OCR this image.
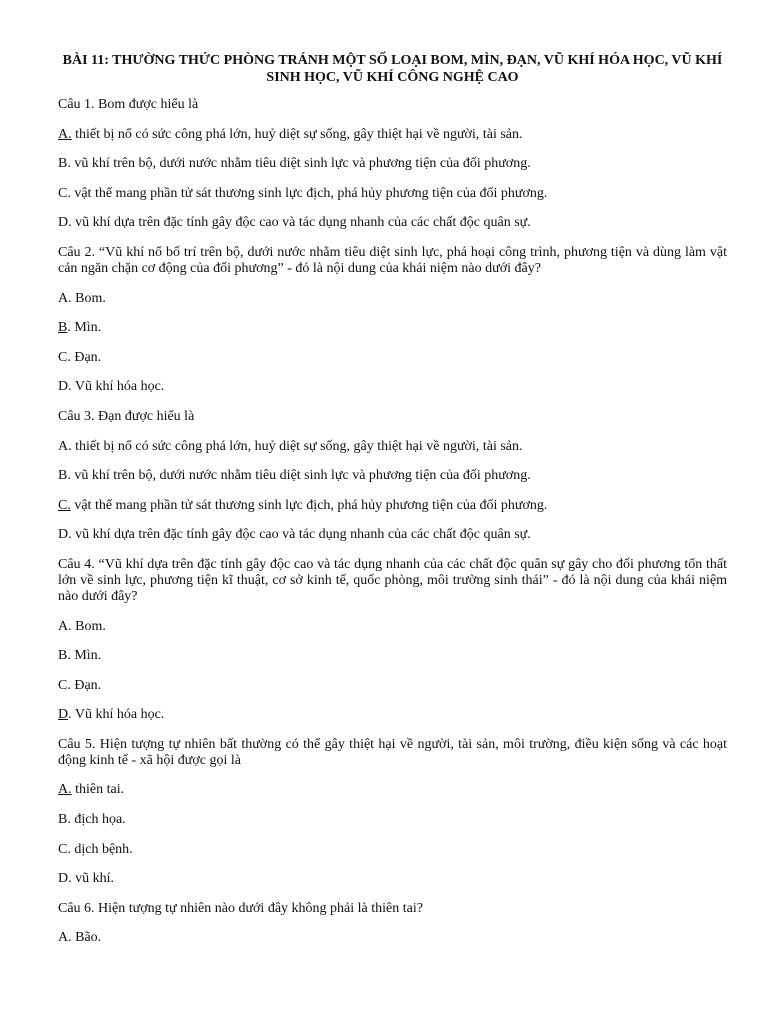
BÀI 11: THƯỜNG THỨC PHÒNG TRÁNH MỘT SỐ LOẠI BOM, MÌN, ĐẠN, VŨ KHÍ HÓA HỌC, VŨ KHÍ SINH HỌC, VŨ KHÍ CÔNG NGHỆ CAO

Câu 1. Bom được hiểu là

A. thiết bị nổ có sức công phá lớn, huỷ diệt sự sống, gây thiệt hại về người, tài sản.

B. vũ khí trên bộ, dưới nước nhằm tiêu diệt sinh lực và phương tiện của đối phương.

C. vật thể mang phần tử sát thương sinh lực địch, phá hủy phương tiện của đối phương.

D. vũ khí dựa trên đặc tính gây độc cao và tác dụng nhanh của các chất độc quân sự.

Câu 2. “Vũ khí nổ bố trí trên bộ, dưới nước nhằm tiêu diệt sinh lực, phá hoại công trình, phương tiện và dùng làm vật cản ngăn chặn cơ động của đối phương” - đó là nội dung của khái niệm nào dưới đây?

A. Bom.

B. Mìn.

C. Đạn.

D. Vũ khí hóa học.

Câu 3. Đạn được hiểu là

A. thiết bị nổ có sức công phá lớn, huỷ diệt sự sống, gây thiệt hại về người, tài sản.

B. vũ khí trên bộ, dưới nước nhằm tiêu diệt sinh lực và phương tiện của đối phương.

C. vật thể mang phần tử sát thương sinh lực địch, phá hủy phương tiện của đối phương.

D. vũ khí dựa trên đặc tính gây độc cao và tác dụng nhanh của các chất độc quân sự.

Câu 4. “Vũ khí dựa trên đặc tính gây độc cao và tác dụng nhanh của các chất độc quân sự gây cho đối phương tổn thất lớn về sinh lực, phương tiện kĩ thuật, cơ sở kinh tế, quốc phòng, môi trường sinh thái” - đó là nội dung của khái niệm nào dưới đây?

A. Bom.

B. Mìn.

C. Đạn.

D. Vũ khí hóa học.

Câu 5. Hiện tượng tự nhiên bất thường có thể gây thiệt hại về người, tài sản, môi trường, điều kiện sống và các hoạt động kinh tế - xã hội được gọi là

A. thiên tai.

B. địch họa.

C. dịch bệnh.

D. vũ khí.

Câu 6. Hiện tượng tự nhiên nào dưới đây không phải là thiên tai?

A. Bão.
